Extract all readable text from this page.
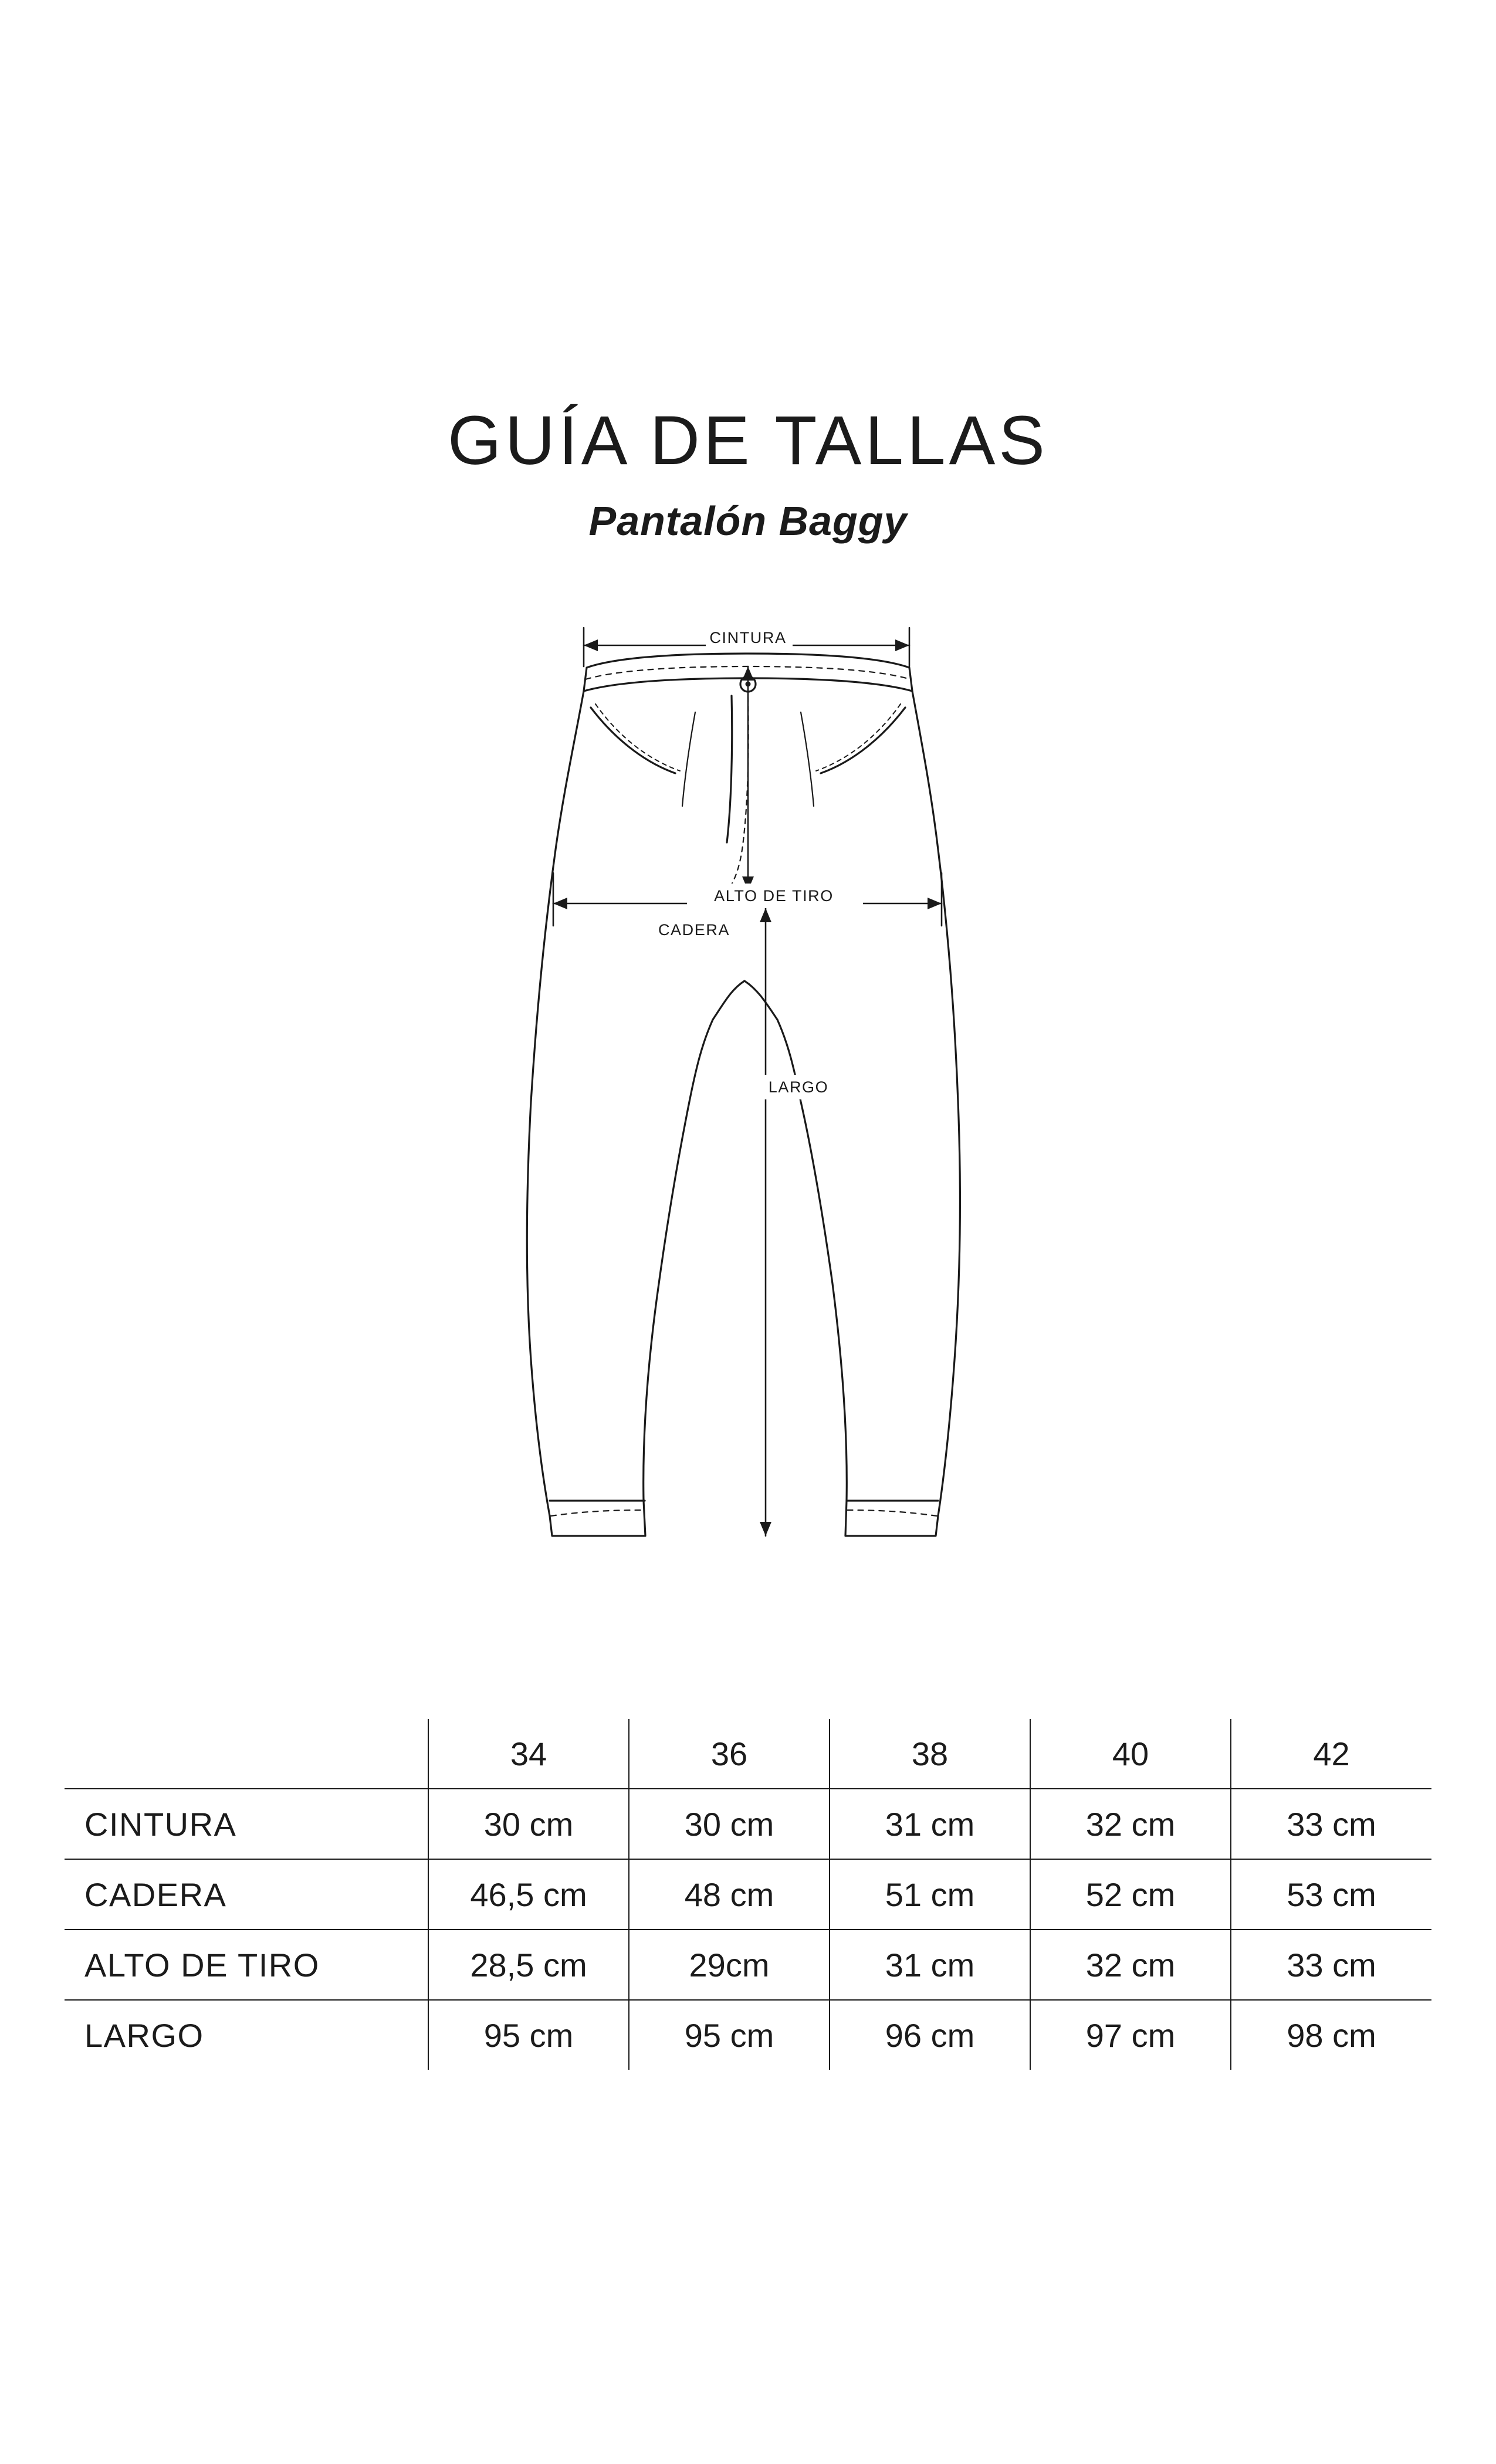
GUÍA DE TALLAS
Pantalón Baggy
CINTURA
ALTO DE TIRO
CADERA
LARGO
	34	36	38	40	42
CINTURA	30 cm	30 cm	31 cm	32 cm	33 cm
CADERA	46,5 cm	48 cm	51 cm	52 cm	53 cm
ALTO DE TIRO	28,5 cm	29cm	31 cm	32 cm	33 cm
LARGO	95 cm	95 cm	96 cm	97 cm	98 cm
